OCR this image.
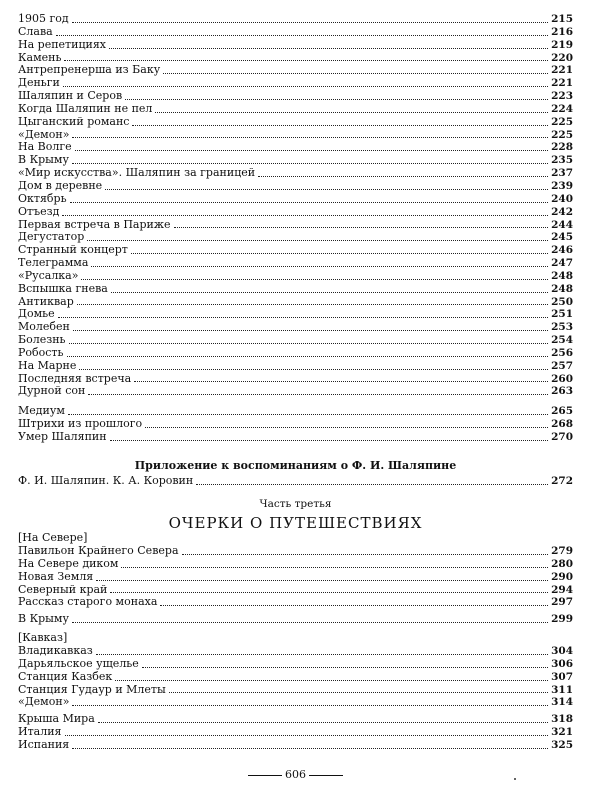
1905 год	215
Слава	216
На репетициях	219
Камень	220
Антрепренерша из Баку	221
Деньги	221
Шаляпин и Серов	223
Когда Шаляпин не пел	224
Цыганский романс	225
«Демон»	225
На Волге	228
В Крыму	235
«Мир искусства». Шаляпин за границей	237
Дом в деревне	239
Октябрь	240
Отъезд	242
Первая встреча в Париже	244
Дегустатор	245
Странный концерт	246
Телеграмма	247
«Русалка»	248
Вспышка гнева	248
Антиквар	250
Домье	251
Молебен	253
Болезнь	254
Робость	256
На Марне	257
Последняя встреча	260
Дурной сон	263
Медиум	265
Штрихи из прошлого	268
Умер Шаляпин	270
Приложение к воспоминаниям о Ф. И. Шаляпине
Ф. И. Шаляпин. К. А. Коровин	272
Часть третья
ОЧЕРКИ О ПУТЕШЕСТВИЯХ
[На Севере]
Павильон Крайнего Севера	279
На Севере диком	280
Новая Земля	290
Северный край	294
Рассказ старого монаха	297
В Крыму	299
[Кавказ]
Владикавказ	304
Дарьяльское ущелье	306
Станция Казбек	307
Станция Гудаур и Млеты	311
«Демон»	314
Крыша Мира	318
Италия	321
Испания	325
606
